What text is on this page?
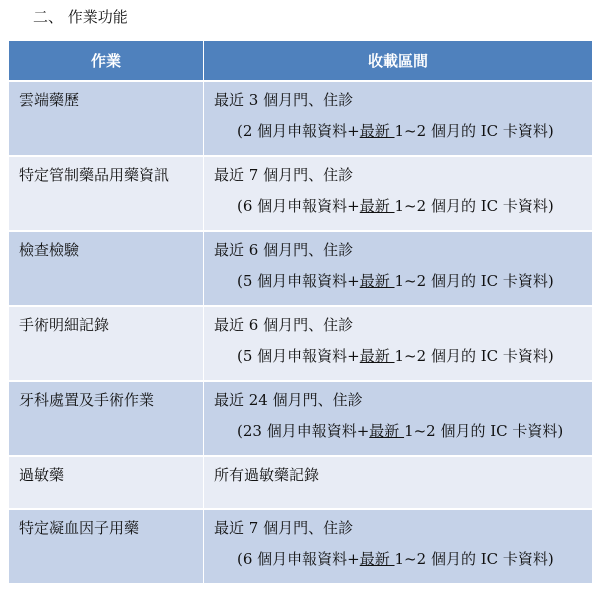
二、 作業功能
作業	收載區間

雲端藥歷	最近 3 個月門、住診
(2 個月申報資料+最新 1~2 個月的 IC 卡資料)

特定管制藥品用藥資訊	最近 7 個月門、住診
(6 個月申報資料+最新 1~2 個月的 IC 卡資料)

檢查檢驗	最近 6 個月門、住診
(5 個月申報資料+最新 1~2 個月的 IC 卡資料)

手術明細記錄	最近 6 個月門、住診
(5 個月申報資料+最新 1~2 個月的 IC 卡資料)

牙科處置及手術作業	最近 24 個月門、住診
(23 個月申報資料+最新 1~2 個月的 IC 卡資料)

過敏藥	所有過敏藥記錄

特定凝血因子用藥	最近 7 個月門、住診
(6 個月申報資料+最新 1~2 個月的 IC 卡資料)
